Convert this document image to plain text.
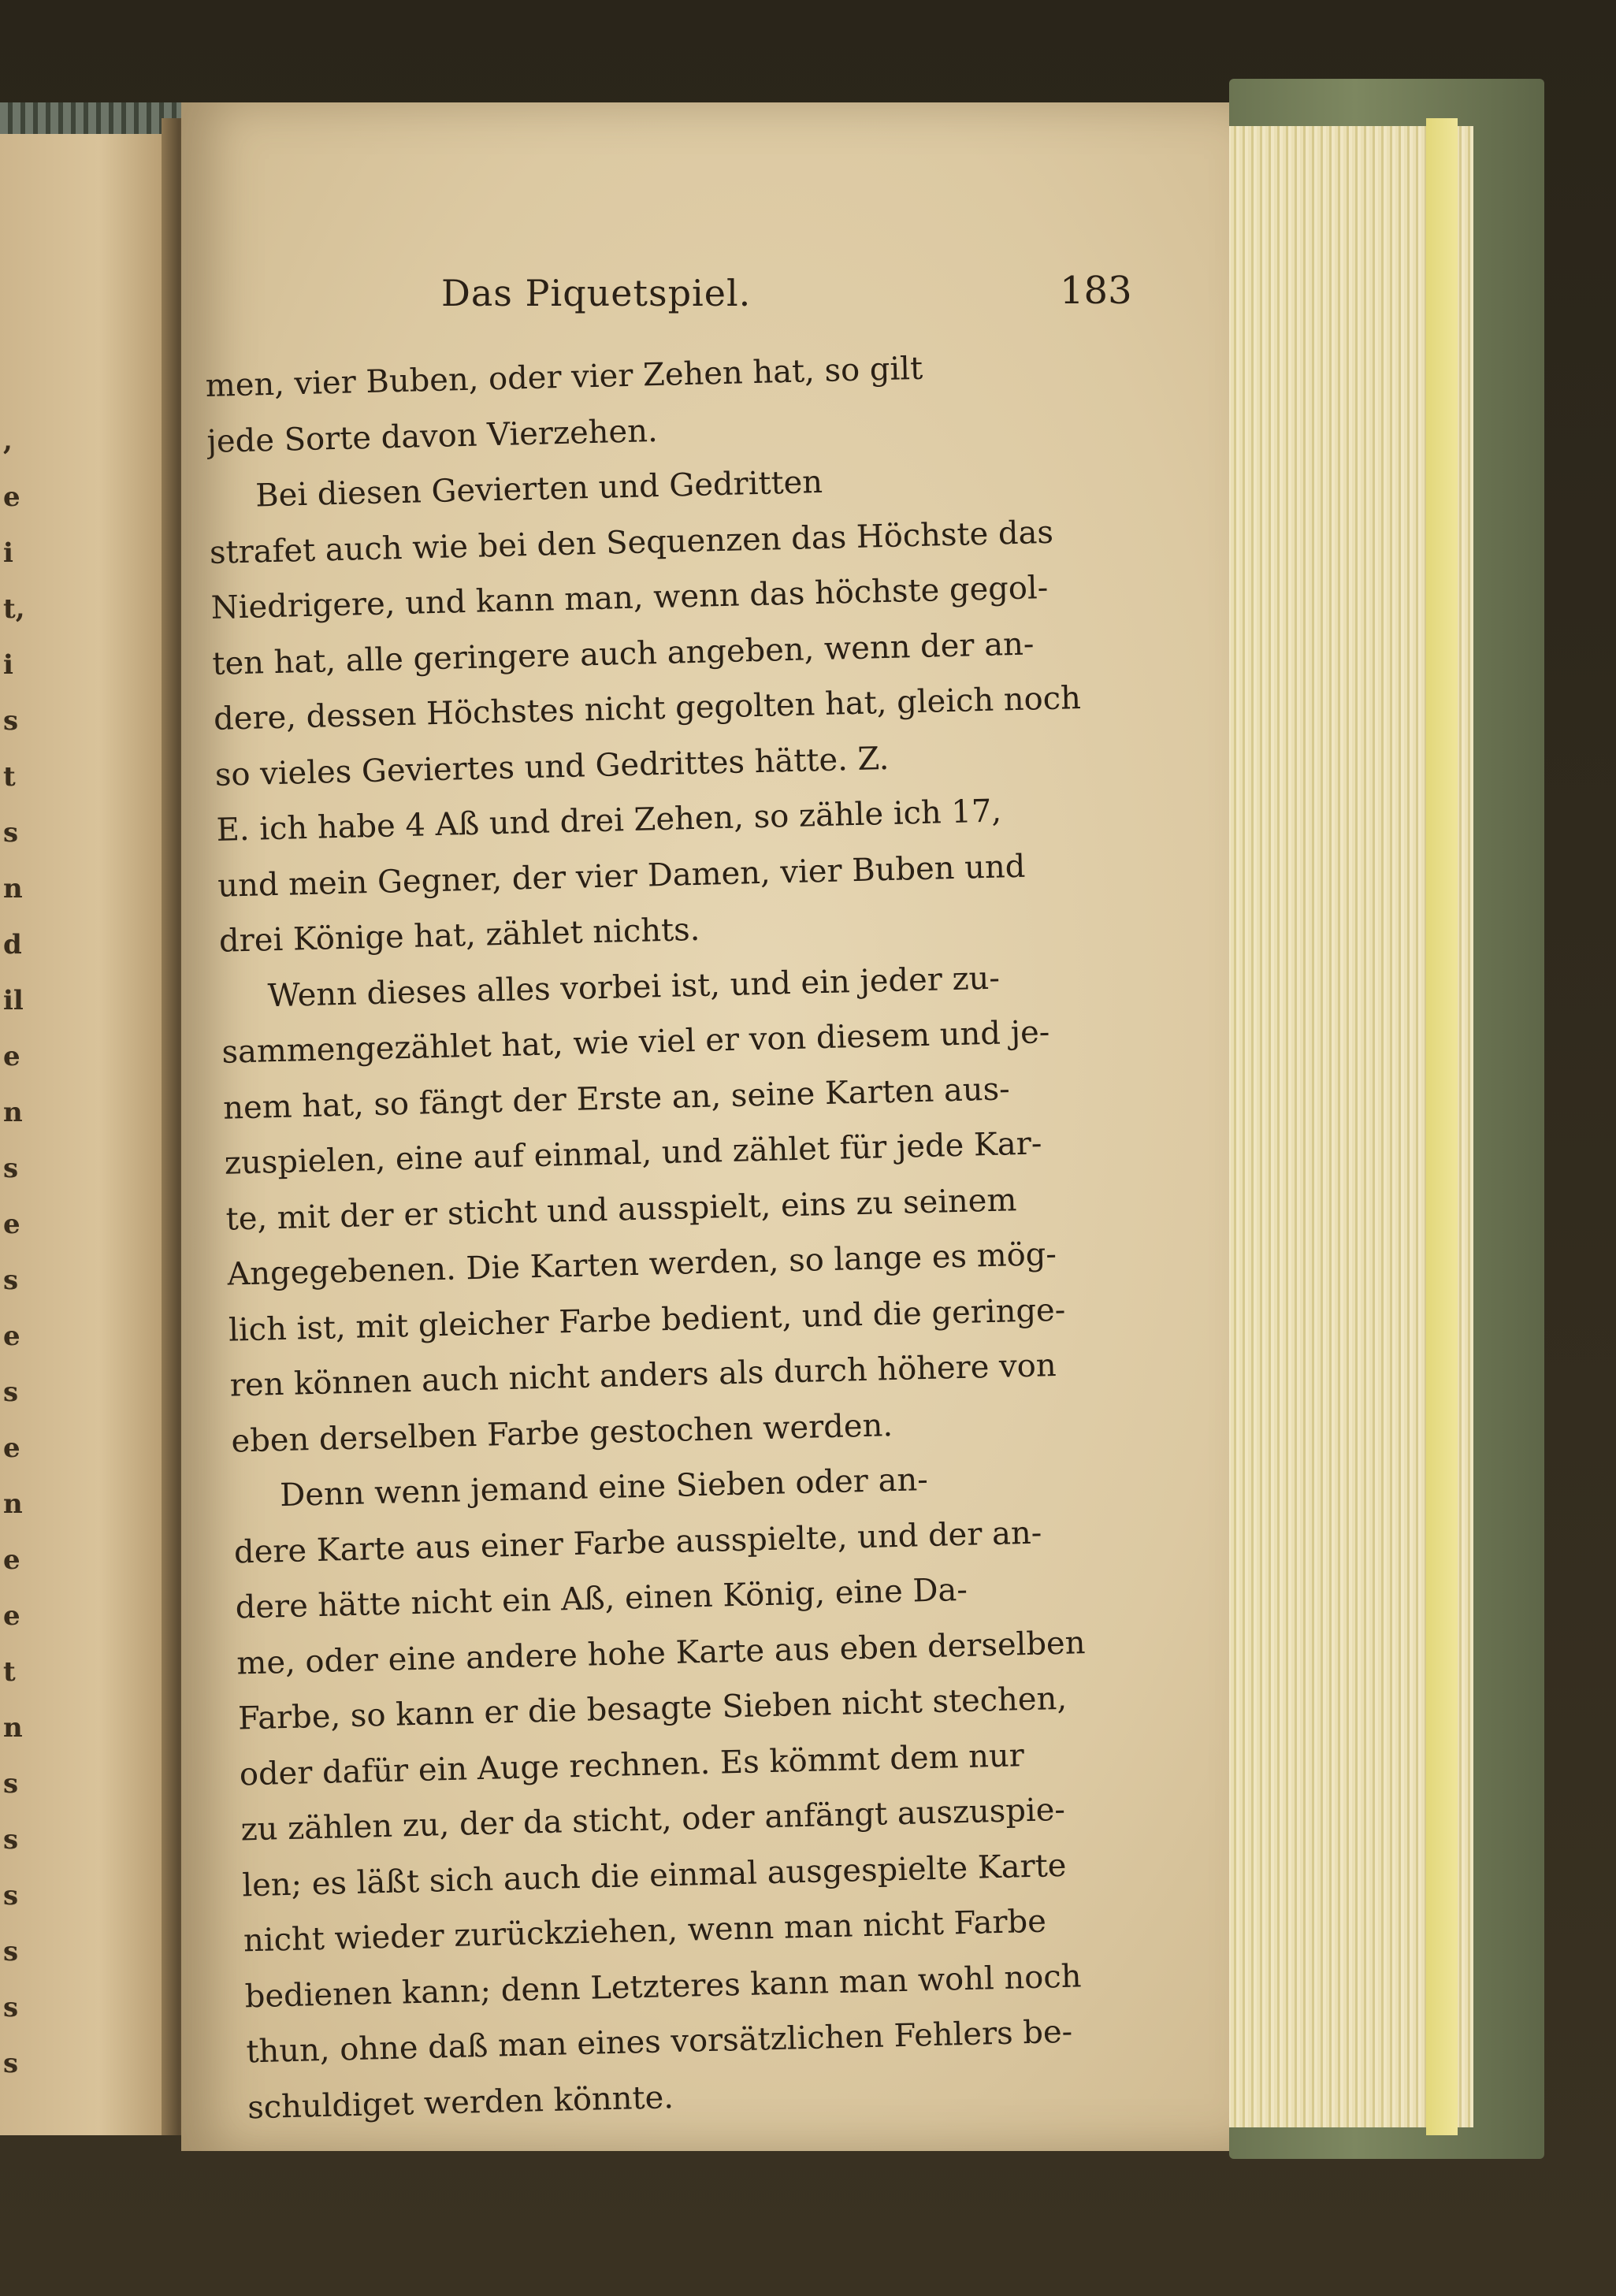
,
e
i
t,
i
s
t
s
n
d
il
e
n
s
e
s
e
s
e
n
e
e
t
n
s
s
s
s
s
s
Das Piquetspiel.	183
men, vier Buben, oder vier Zehen hat, so gilt
jede Sorte davon Vierzehen.
Bei diesen Gevierten und Gedritten
strafet auch wie bei den Sequenzen das Höchste das
Niedrigere, und kann man, wenn das höchste gegol-
ten hat, alle geringere auch angeben, wenn der an-
dere, dessen Höchstes nicht gegolten hat, gleich noch
so vieles Geviertes und Gedrittes hätte. Z.
E. ich habe 4 Aß und drei Zehen, so zähle ich 17,
und mein Gegner, der vier Damen, vier Buben und
drei Könige hat, zählet nichts.
Wenn dieses alles vorbei ist, und ein jeder zu-
sammengezählet hat, wie viel er von diesem und je-
nem hat, so fängt der Erste an, seine Karten aus-
zuspielen, eine auf einmal, und zählet für jede Kar-
te, mit der er sticht und ausspielt, eins zu seinem
Angegebenen. Die Karten werden, so lange es mög-
lich ist, mit gleicher Farbe bedient, und die geringe-
ren können auch nicht anders als durch höhere von
eben derselben Farbe gestochen werden.
Denn wenn jemand eine Sieben oder an-
dere Karte aus einer Farbe ausspielte, und der an-
dere hätte nicht ein Aß, einen König, eine Da-
me, oder eine andere hohe Karte aus eben derselben
Farbe, so kann er die besagte Sieben nicht stechen,
oder dafür ein Auge rechnen. Es kömmt dem nur
zu zählen zu, der da sticht, oder anfängt auszuspie-
len; es läßt sich auch die einmal ausgespielte Karte
nicht wieder zurückziehen, wenn man nicht Farbe
bedienen kann; denn Letzteres kann man wohl noch
thun, ohne daß man eines vorsätzlichen Fehlers be-
schuldiget werden könnte.
